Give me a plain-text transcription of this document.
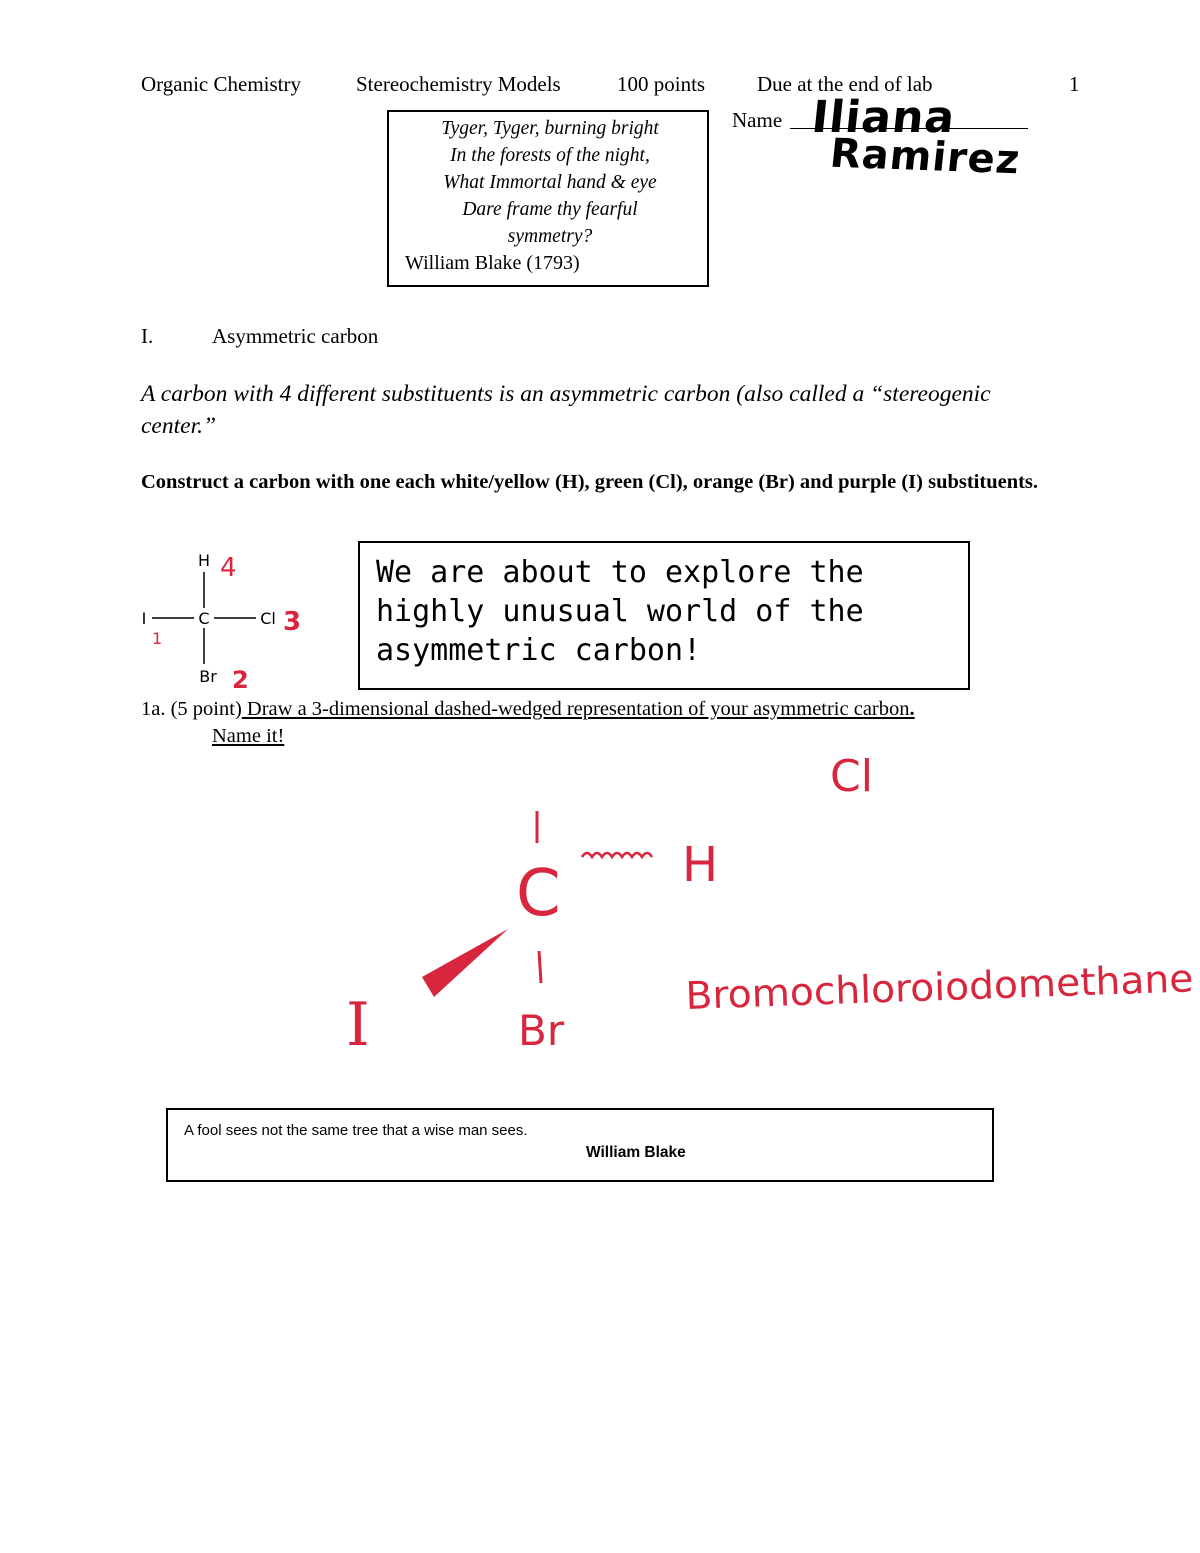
Organic Chemistry	Stereochemistry Models	100 points Due at the end of lab	1
Tyger, Tyger, burning bright
In the forests of the night,
What Immortal hand & eye
Dare frame thy fearful
symmetry?
William Blake (1793)
Name Iliana
Ramirez
I.	Asymmetric carbon
A carbon with 4 different substituents is an asymmetric carbon (also called a “stereogenic center.”
Construct a carbon with one each white/yellow (H), green (Cl), orange (Br) and purple (I) substituents.
H
I	C	Cl
Br
4
1
3
2
We are about to explore the
highly unusual world of the
asymmetric carbon!
1a. (5 point) Draw a 3-dimensional dashed-wedged representation of your asymmetric carbon.
Name it!
Cl
C	H
I	Br
Bromochloroiodomethane
A fool sees not the same tree that a wise man sees.
William Blake
